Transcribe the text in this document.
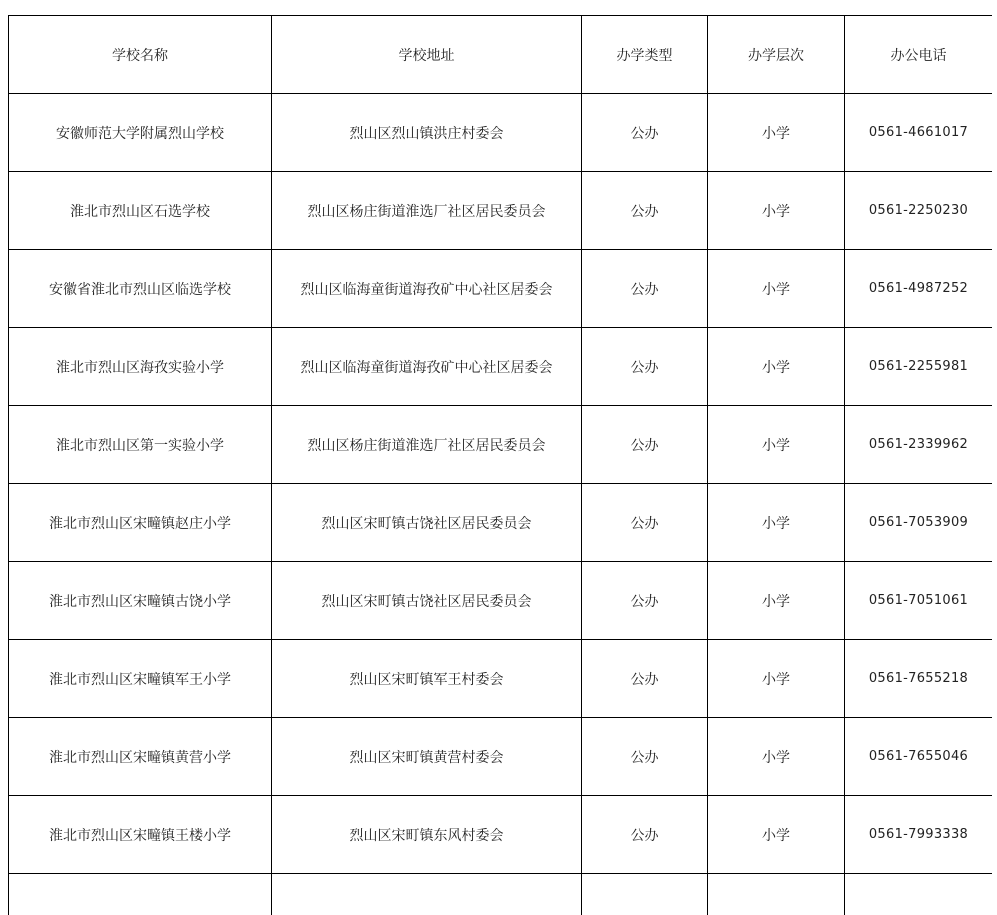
学校名称	学校地址	办学类型	办学层次	办公电话
安徽师范大学附属烈山学校	烈山区烈山镇洪庄村委会	公办	小学	0561-4661017
淮北市烈山区石选学校	烈山区杨庄街道淮选厂社区居民委员会	公办	小学	0561-2250230
安徽省淮北市烈山区临选学校	烈山区临海童街道海孜矿中心社区居委会	公办	小学	0561-4987252
淮北市烈山区海孜实验小学	烈山区临海童街道海孜矿中心社区居委会	公办	小学	0561-2255981
淮北市烈山区第一实验小学	烈山区杨庄街道淮选厂社区居民委员会	公办	小学	0561-2339962
淮北市烈山区宋疃镇赵庄小学	烈山区宋町镇古饶社区居民委员会	公办	小学	0561-7053909
淮北市烈山区宋疃镇古饶小学	烈山区宋町镇古饶社区居民委员会	公办	小学	0561-7051061
淮北市烈山区宋疃镇军王小学	烈山区宋町镇军王村委会	公办	小学	0561-7655218
淮北市烈山区宋疃镇黄营小学	烈山区宋町镇黄营村委会	公办	小学	0561-7655046
淮北市烈山区宋疃镇王楼小学	烈山区宋町镇东风村委会	公办	小学	0561-7993338
